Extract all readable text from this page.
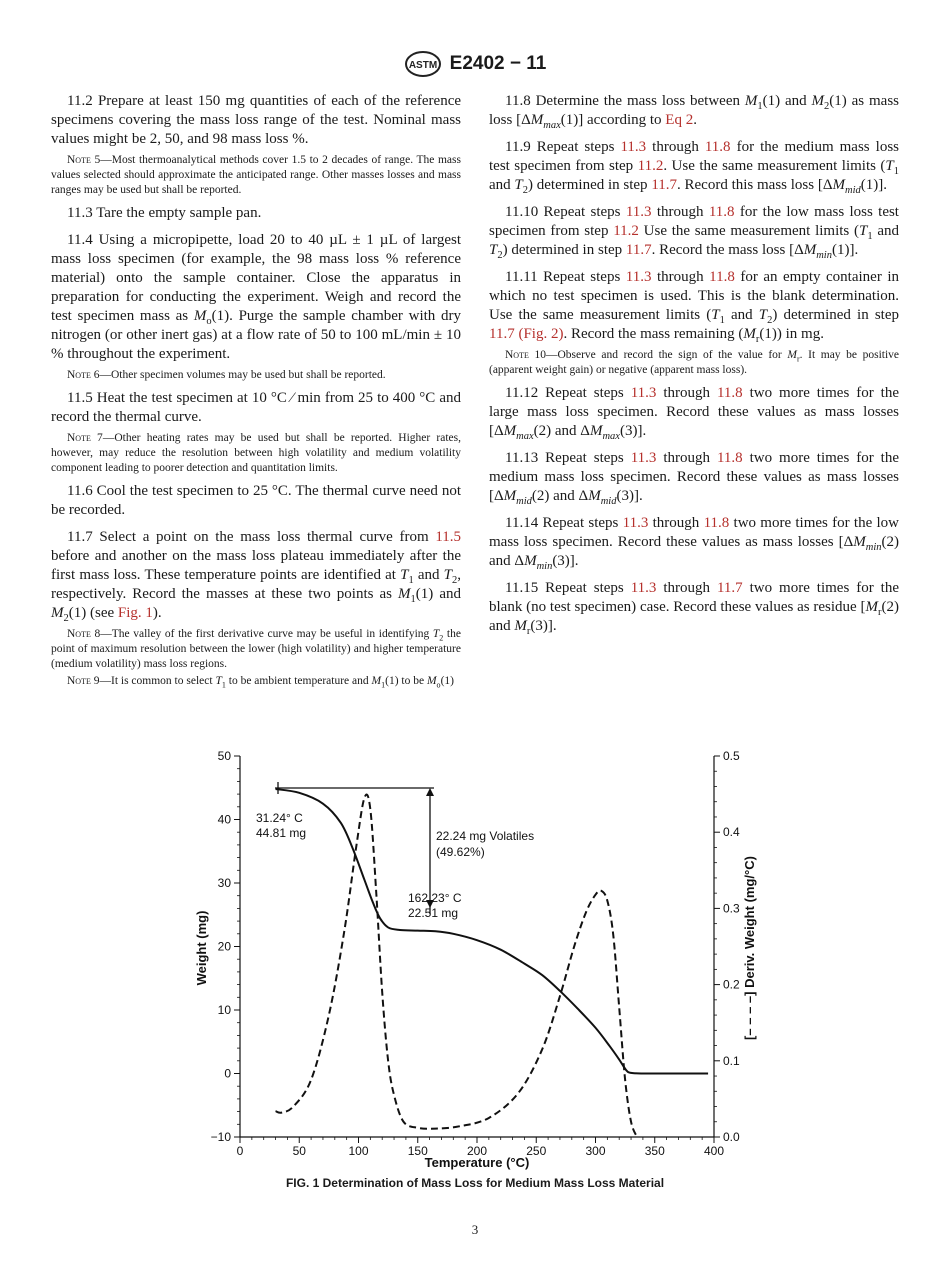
ASTM E2402 − 11

11.2 Prepare at least 150 mg quantities of each of the reference specimens covering the mass loss range of the test. Nominal mass values might be 2, 50, and 98 mass loss %.

Note 5—Most thermoanalytical methods cover 1.5 to 2 decades of range. The mass values selected should approximate the anticipated range. Other masses losses and mass ranges may be used but shall be reported.

11.3 Tare the empty sample pan.

11.4 Using a micropipette, load 20 to 40 µL ± 1 µL of largest mass loss specimen (for example, the 98 mass loss % reference material) onto the sample container. Close the apparatus in preparation for conducting the experiment. Weigh and record the test specimen mass as $M_o(1)$. Purge the sample chamber with dry nitrogen (or other inert gas) at a flow rate of 50 to 100 mL/min ± 10 % throughout the experiment.

Note 6—Other specimen volumes may be used but shall be reported.

11.5 Heat the test specimen at 10 °C ⁄ min from 25 to 400 °C and record the thermal curve.

Note 7—Other heating rates may be used but shall be reported. Higher rates, however, may reduce the resolution between high volatility and medium volatility component leading to poorer detection and quantitation limits.

11.6 Cool the test specimen to 25 °C. The thermal curve need not be recorded.

11.7 Select a point on the mass loss thermal curve from 11.5 before and another on the mass loss plateau immediately after the first mass loss. These temperature points are identified at $T_1$ and $T_2$, respectively. Record the masses at these two points as $M_1(1)$ and $M_2(1)$ (see Fig. 1).

Note 8—The valley of the first derivative curve may be useful in identifying $T_2$ the point of maximum resolution between the lower (high volatility) and higher temperature (medium volatility) mass loss regions.

Note 9—It is common to select $T_1$ to be ambient temperature and $M_1(1)$ to be $M_o(1)$

11.8 Determine the mass loss between $M_1(1)$ and $M_2(1)$ as mass loss $[\Delta M_{max}(1)]$ according to Eq 2.

11.9 Repeat steps 11.3 through 11.8 for the medium mass loss test specimen from step 11.2. Use the same measurement limits ($T_1$ and $T_2$) determined in step 11.7. Record this mass loss $[\Delta M_{mid}(1)]$.

11.10 Repeat steps 11.3 through 11.8 for the low mass loss test specimen from step 11.2 Use the same measurement limits ($T_1$ and $T_2$) determined in step 11.7. Record the mass loss $[\Delta M_{min}(1)]$.

11.11 Repeat steps 11.3 through 11.8 for an empty container in which no test specimen is used. This is the blank determination. Use the same measurement limits ($T_1$ and $T_2$) determined in step 11.7 (Fig. 2). Record the mass remaining $(M_r(1))$ in mg.

Note 10—Observe and record the sign of the value for $M_r$. It may be positive (apparent weight gain) or negative (apparent mass loss).

11.12 Repeat steps 11.3 through 11.8 two more times for the large mass loss specimen. Record these values as mass losses [$\Delta M_{max}(2)$ and $\Delta M_{max}(3)$].

11.13 Repeat steps 11.3 through 11.8 two more times for the medium mass loss specimen. Record these values as mass losses [$\Delta M_{mid}(2)$ and $\Delta M_{mid}(3)$].

11.14 Repeat steps 11.3 through 11.8 two more times for the low mass loss specimen. Record these values as mass losses [$\Delta M_{min}(2)$ and $\Delta M_{min}(3)$].

11.15 Repeat steps 11.3 through 11.7 two more times for the blank (no test specimen) case. Record these values as residue [$M_r(2)$ and $M_r(3)$].

0	50	100	150	200	250	300	350	400
−10
0
10
20
30
40
50
0.0
0.1
0.2
0.3
0.4
0.5
31.24° C
44.81 mg
162.23° C
22.51 mg
22.24 mg Volatiles
(49.62%)
Temperature (°C)
Weight (mg)	[– – – –] Deriv. Weight (mg/°C)
FIG. 1 Determination of Mass Loss for Medium Mass Loss Material
3
